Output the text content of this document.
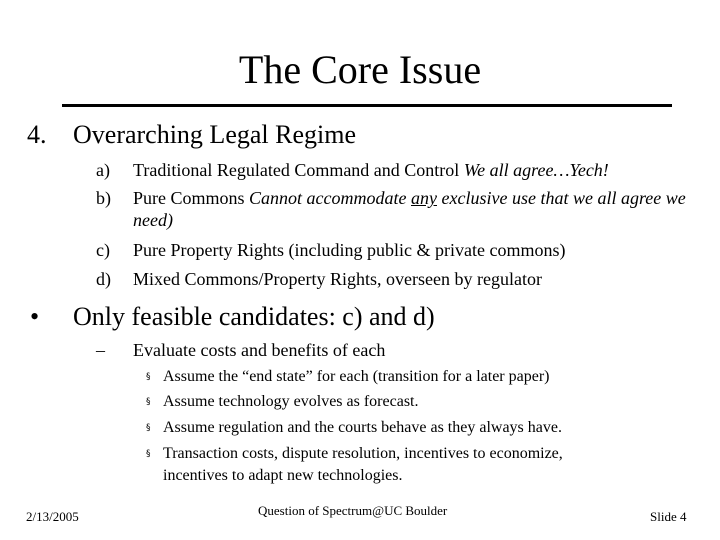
The Core Issue
4. Overarching Legal Regime
a) Traditional Regulated Command and Control We all agree…Yech!
b) Pure Commons Cannot accommodate any exclusive use that we all agree we need)
c) Pure Property Rights (including public & private commons)
d) Mixed Commons/Property Rights, overseen by regulator
• Only feasible candidates: c) and d)
– Evaluate costs and benefits of each
§ Assume the “end state” for each (transition for a later paper)
§ Assume technology evolves as forecast.
§ Assume regulation and the courts behave as they always have.
§ Transaction costs, dispute resolution, incentives to economize, incentives to adapt new technologies.
2/13/2005	Question of Spectrum@UC Boulder	Slide 4
